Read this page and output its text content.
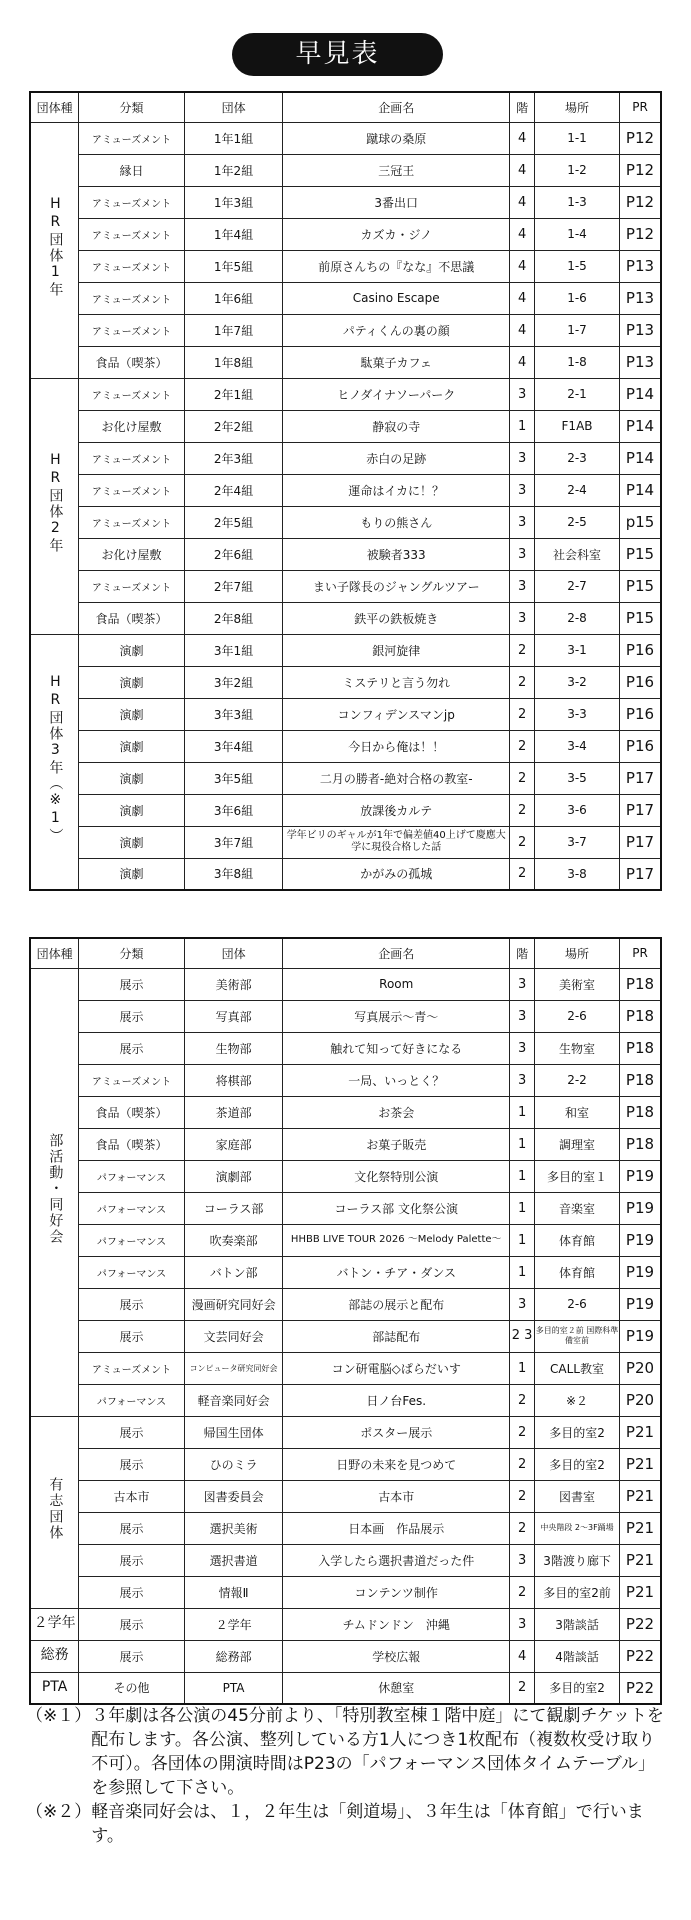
早見表
団体種	分類	団体	企画名	階	場所	PR
HR団体1年	アミューズメント	1年1組	蹴球の桑原	4	1-1	P12
	縁日	1年2組	三冠王	4	1-2	P12
	アミューズメント	1年3組	3番出口	4	1-3	P12
	アミューズメント	1年4組	カズカ・ジノ	4	1-4	P12
	アミューズメント	1年5組	前原さんちの『なな』不思議	4	1-5	P13
	アミューズメント	1年6組	Casino Escape	4	1-6	P13
	アミューズメント	1年7組	パティくんの裏の顔	4	1-7	P13
	食品（喫茶）	1年8組	駄菓子カフェ	4	1-8	P13
HR団体2年	アミューズメント	2年1組	ヒノダイナソーパーク	3	2-1	P14
	お化け屋敷	2年2組	静寂の寺	1	F1AB	P14
	アミューズメント	2年3組	赤白の足跡	3	2-3	P14
	アミューズメント	2年4組	運命はイカに！？	3	2-4	P14
	アミューズメント	2年5組	もりの熊さん	3	2-5	p15
	お化け屋敷	2年6組	被験者333	3	社会科室	P15
	アミューズメント	2年7組	まい子隊長のジャングルツアー	3	2-7	P15
	食品（喫茶）	2年8組	鉄平の鉄板焼き	3	2-8	P15
HR団体3年（※1）	演劇	3年1組	銀河旋律	2	3-1	P16
	演劇	3年2組	ミステリと言う勿れ	2	3-2	P16
	演劇	3年3組	コンフィデンスマンjp	2	3-3	P16
	演劇	3年4組	今日から俺は！！	2	3-4	P16
	演劇	3年5組	二月の勝者-絶対合格の教室-	2	3-5	P17
	演劇	3年6組	放課後カルテ	2	3-6	P17
	演劇	3年7組	学年ビリのギャルが1年で偏差値40上げて慶應大学に現役合格した話	2	3-7	P17
	演劇	3年8組	かがみの孤城	2	3-8	P17
団体種	分類	団体	企画名	階	場所	PR
部活動・同好会	展示	美術部	Room	3	美術室	P18
	展示	写真部	写真展示～青～	3	2-6	P18
	展示	生物部	触れて知って好きになる	3	生物室	P18
	アミューズメント	将棋部	一局、いっとく？	3	2-2	P18
	食品（喫茶）	茶道部	お茶会	1	和室	P18
	食品（喫茶）	家庭部	お菓子販売	1	調理室	P18
	パフォーマンス	演劇部	文化祭特別公演	1	多目的室１	P19
	パフォーマンス	コーラス部	コーラス部 文化祭公演	1	音楽室	P19
	パフォーマンス	吹奏楽部	HHBB LIVE TOUR 2026 ～Melody Palette～	1	体育館	P19
	パフォーマンス	バトン部	バトン・チア・ダンス	1	体育館	P19
	展示	漫画研究同好会	部誌の展示と配布	3	2-6	P19
	展示	文芸同好会	部誌配布	2 3	多目的室２前 国際科準備室前	P19
	アミューズメント	コンピュータ研究同好会	コン研電脳◇ぱらだいす	1	CALL教室	P20
	パフォーマンス	軽音楽同好会	日ノ台Fes.	2	※２	P20
有志団体	展示	帰国生団体	ポスター展示	2	多目的室2	P21
	展示	ひのミラ	日野の未来を見つめて	2	多目的室2	P21
	古本市	図書委員会	古本市	2	図書室	P21
	展示	選択美術	日本画　作品展示	2	中央階段 2～3F踊場	P21
	展示	選択書道	入学したら選択書道だった件	3	3階渡り廊下	P21
	展示	情報Ⅱ	コンテンツ制作	2	多目的室2前	P21
２学年	展示	２学年	チムドンドン　沖縄	3	3階談話	P22
総務	展示	総務部	学校広報	4	4階談話	P22
PTA	その他	PTA	休憩室	2	多目的室2	P22
（※１） ３年劇は各公演の45分前より、「特別教室棟１階中庭」にて観劇チケットを配布します。各公演、整列している方1人につき1枚配布（複数枚受け取り不可）。各団体の開演時間はP23の「パフォーマンス団体タイムテーブル」を参照して下さい。
（※２） 軽音楽同好会は、１，２年生は「剣道場」、３年生は「体育館」で行います。
